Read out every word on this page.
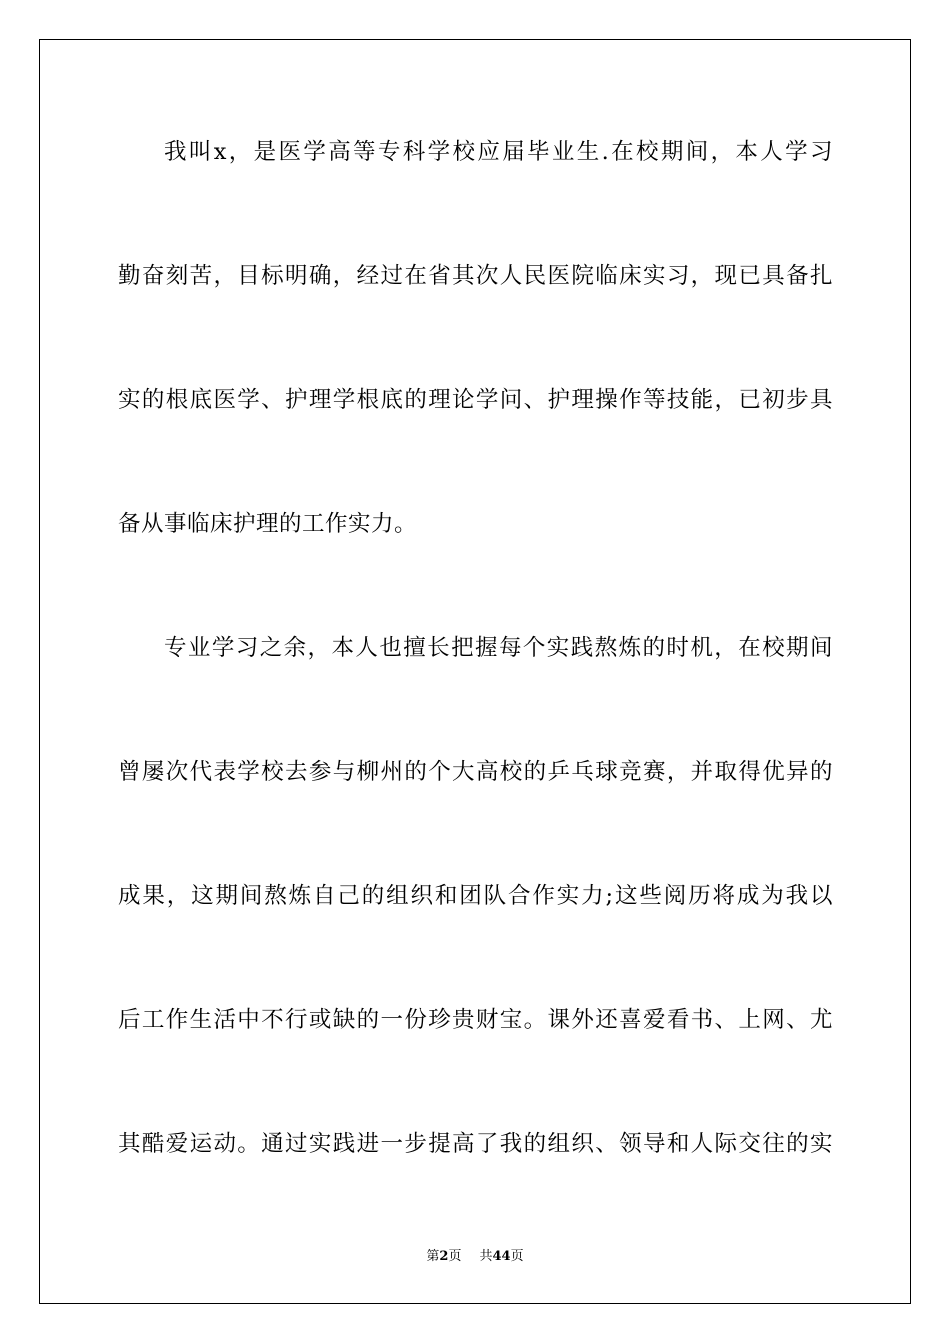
我叫x，是医学高等专科学校应届毕业生.在校期间，本人学习
勤奋刻苦，目标明确，经过在省其次人民医院临床实习，现已具备扎
实的根底医学、护理学根底的理论学问、护理操作等技能，已初步具
备从事临床护理的工作实力。
专业学习之余，本人也擅长把握每个实践熬炼的时机，在校期间
曾屡次代表学校去参与柳州的个大高校的乒乓球竞赛，并取得优异的
成果，这期间熬炼自己的组织和团队合作实力;这些阅历将成为我以
后工作生活中不行或缺的一份珍贵财宝。课外还喜爱看书、上网、尤
其酷爱运动。通过实践进一步提高了我的组织、领导和人际交往的实
第2页 共44页
